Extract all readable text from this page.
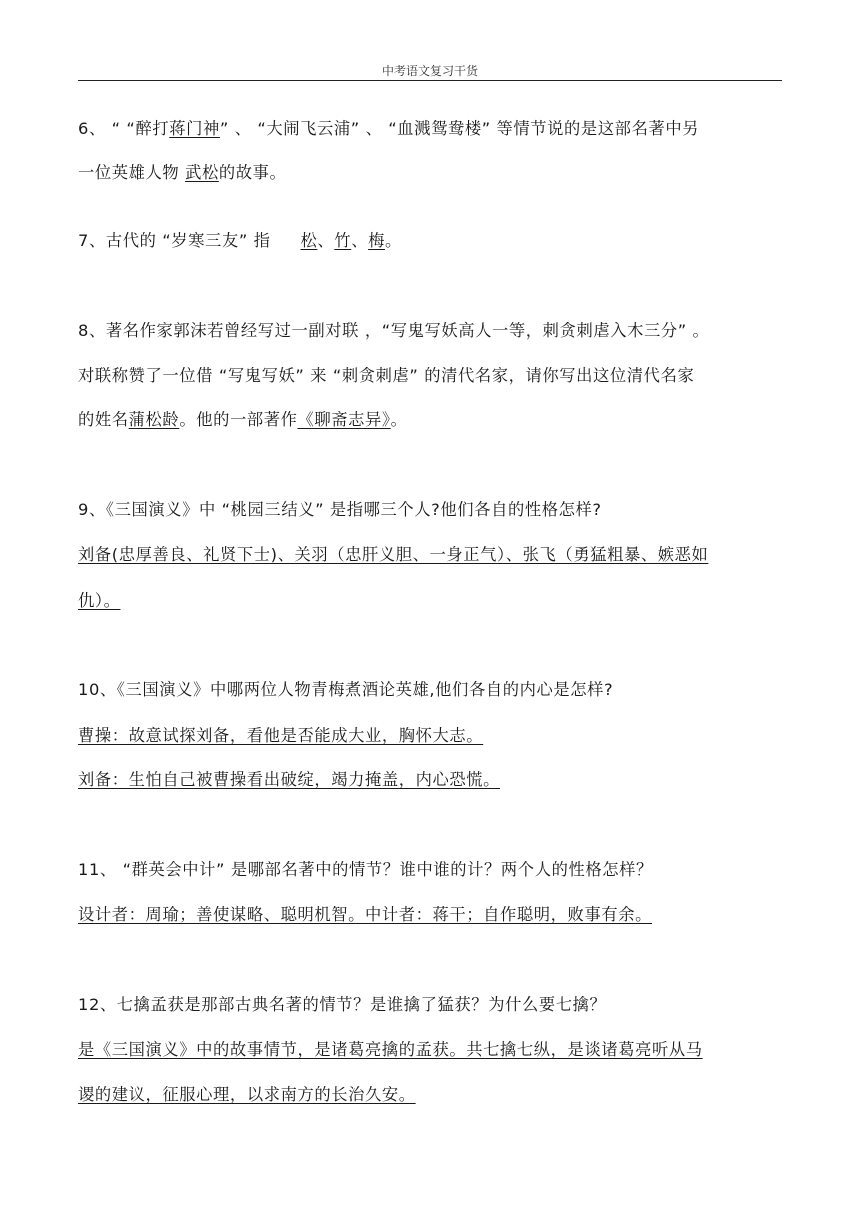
中考语文复习干货
6、 “ “醉打蒋门神” 、 “大闹飞云浦” 、 “血溅鸳鸯楼” 等情节说的是这部名著中另
一位英雄人物 武松的故事。
7、古代的 “岁寒三友” 指 松、竹、梅。
8、著名作家郭沫若曾经写过一副对联 ，“写鬼写妖高人一等，刺贪刺虐入木三分” 。
对联称赞了一位借 “写鬼写妖” 来 “刺贪刺虐” 的清代名家，请你写出这位清代名家
的姓名蒲松龄。他的一部著作《聊斋志异》。
9、《三国演义》中 “桃园三结义” 是指哪三个人?他们各自的性格怎样?
刘备(忠厚善良、礼贤下士)、关羽（忠肝义胆、一身正气）、张飞（勇猛粗暴、嫉恶如
仇）。
10、《三国演义》中哪两位人物青梅煮酒论英雄,他们各自的内心是怎样?
曹操：故意试探刘备，看他是否能成大业，胸怀大志。
刘备：生怕自己被曹操看出破绽，竭力掩盖，内心恐慌。
11、 “群英会中计” 是哪部名著中的情节？谁中谁的计？两个人的性格怎样？
设计者：周瑜；善使谋略、聪明机智。中计者：蒋干；自作聪明，败事有余。
12、七擒孟获是那部古典名著的情节？是谁擒了猛获？为什么要七擒？
是《三国演义》中的故事情节，是诸葛亮擒的孟获。共七擒七纵，是谈诸葛亮听从马
谡的建议，征服心理，以求南方的长治久安。
